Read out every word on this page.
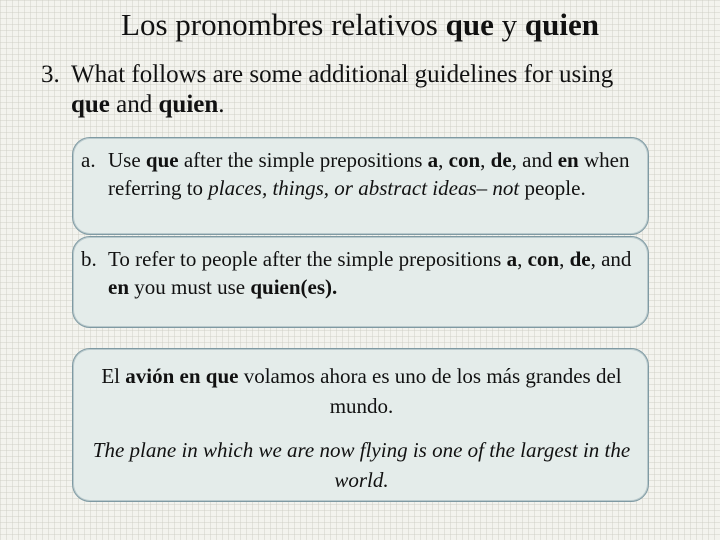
Los pronombres relativos que y quien
3. What follows are some additional guidelines for using
que and quien.
a. Use que after the simple prepositions a, con, de, and en when referring to places, things, or abstract ideas– not people.
b. To refer to people after the simple prepositions a, con, de, and en you must use quien(es).
El avión en que volamos ahora es uno de los más grandes del mundo.
The plane in which we are now flying is one of the largest in the world.
